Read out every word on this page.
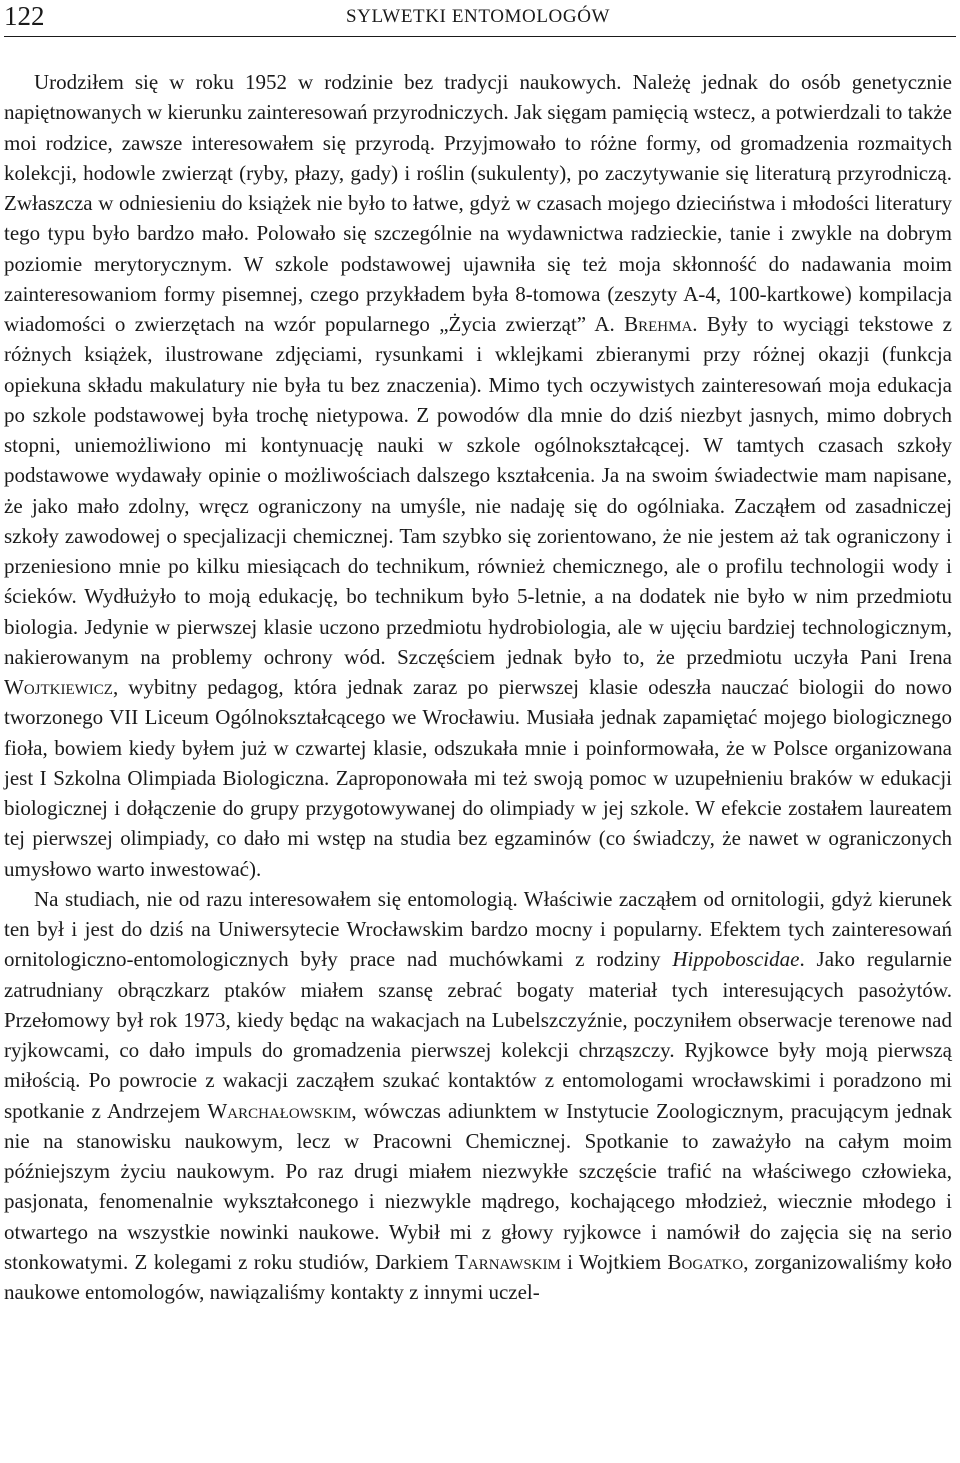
122	SYLWETKI ENTOMOLOGÓW

Urodziłem się w roku 1952 w rodzinie bez tradycji naukowych. Należę jednak do osób genetycznie napiętnowanych w kierunku zainteresowań przyrodniczych. Jak sięgam pamięcią wstecz, a potwierdzali to także moi rodzice, zawsze interesowałem się przyrodą. Przyjmowało to różne formy, od gromadzenia rozmaitych kolekcji, hodowle zwierząt (ryby, płazy, gady) i roślin (sukulenty), po zaczytywanie się literaturą przyrodniczą. Zwłaszcza w odniesieniu do książek nie było to łatwe, gdyż w czasach mojego dzieciństwa i młodości literatury tego typu było bardzo mało. Polowało się szczególnie na wydawnictwa radzieckie, tanie i zwykle na dobrym poziomie merytorycznym. W szkole podstawowej ujawniła się też moja skłonność do nadawania moim zainteresowaniom formy pisemnej, czego przykładem była 8-tomowa (zeszyty A-4, 100-kartkowe) kompilacja wiadomości o zwierzętach na wzór popularnego „Życia zwierząt” A. Brehma. Były to wyciągi tekstowe z różnych książek, ilustrowane zdjęciami, rysunkami i wklejkami zbieranymi przy różnej okazji (funkcja opiekuna składu makulatury nie była tu bez znaczenia). Mimo tych oczywistych zainteresowań moja edukacja po szkole podstawowej była trochę nietypowa. Z powodów dla mnie do dziś niezbyt jasnych, mimo dobrych stopni, uniemożliwiono mi kontynuację nauki w szkole ogólnokształcącej. W tamtych czasach szkoły podstawowe wydawały opinie o możliwościach dalszego kształcenia. Ja na swoim świadectwie mam napisane, że jako mało zdolny, wręcz ograniczony na umyśle, nie nadaję się do ogólniaka. Zacząłem od zasadniczej szkoły zawodowej o specjalizacji chemicznej. Tam szybko się zorientowano, że nie jestem aż tak ograniczony i przeniesiono mnie po kilku miesiącach do technikum, również chemicznego, ale o profilu technologii wody i ścieków. Wydłużyło to moją edukację, bo technikum było 5-letnie, a na dodatek nie było w nim przedmiotu biologia. Jedynie w pierwszej klasie uczono przedmiotu hydrobiologia, ale w ujęciu bardziej technologicznym, nakierowanym na problemy ochrony wód. Szczęściem jednak było to, że przedmiotu uczyła Pani Irena Wojtkiewicz, wybitny pedagog, która jednak zaraz po pierwszej klasie odeszła nauczać biologii do nowo tworzonego VII Liceum Ogólnokształcącego we Wrocławiu. Musiała jednak zapamiętać mojego biologicznego fioła, bowiem kiedy byłem już w czwartej klasie, odszukała mnie i poinformowała, że w Polsce organizowana jest I Szkolna Olimpiada Biologiczna. Zaproponowała mi też swoją pomoc w uzupełnieniu braków w edukacji biologicznej i dołączenie do grupy przygotowywanej do olimpiady w jej szkole. W efekcie zostałem laureatem tej pierwszej olimpiady, co dało mi wstęp na studia bez egzaminów (co świadczy, że nawet w ograniczonych umysłowo warto inwestować).

Na studiach, nie od razu interesowałem się entomologią. Właściwie zacząłem od ornitologii, gdyż kierunek ten był i jest do dziś na Uniwersytecie Wrocławskim bardzo mocny i popularny. Efektem tych zainteresowań ornitologiczno-entomologicznych były prace nad muchówkami z rodziny Hippoboscidae. Jako regularnie zatrudniany obrączkarz ptaków miałem szansę zebrać bogaty materiał tych interesujących pasożytów. Przełomowy był rok 1973, kiedy będąc na wakacjach na Lubelszczyźnie, poczyniłem obserwacje terenowe nad ryjkowcami, co dało impuls do gromadzenia pierwszej kolekcji chrząszczy. Ryjkowce były moją pierwszą miłością. Po powrocie z wakacji zacząłem szukać kontaktów z entomologami wrocławskimi i poradzono mi spotkanie z Andrzejem Warchałowskim, wówczas adiunktem w Instytucie Zoologicznym, pracującym jednak nie na stanowisku naukowym, lecz w Pracowni Chemicznej. Spotkanie to zaważyło na całym moim późniejszym życiu naukowym. Po raz drugi miałem niezwykłe szczęście trafić na właściwego człowieka, pasjonata, fenomenalnie wykształconego i niezwykle mądrego, kochającego młodzież, wiecznie młodego i otwartego na wszystkie nowinki naukowe. Wybił mi z głowy ryjkowce i namówił do zajęcia się na serio stonkowatymi. Z kolegami z roku studiów, Darkiem Tarnawskim i Wojtkiem Bogatko, zorganizowaliśmy koło naukowe entomologów, nawiązaliśmy kontakty z innymi uczel-
